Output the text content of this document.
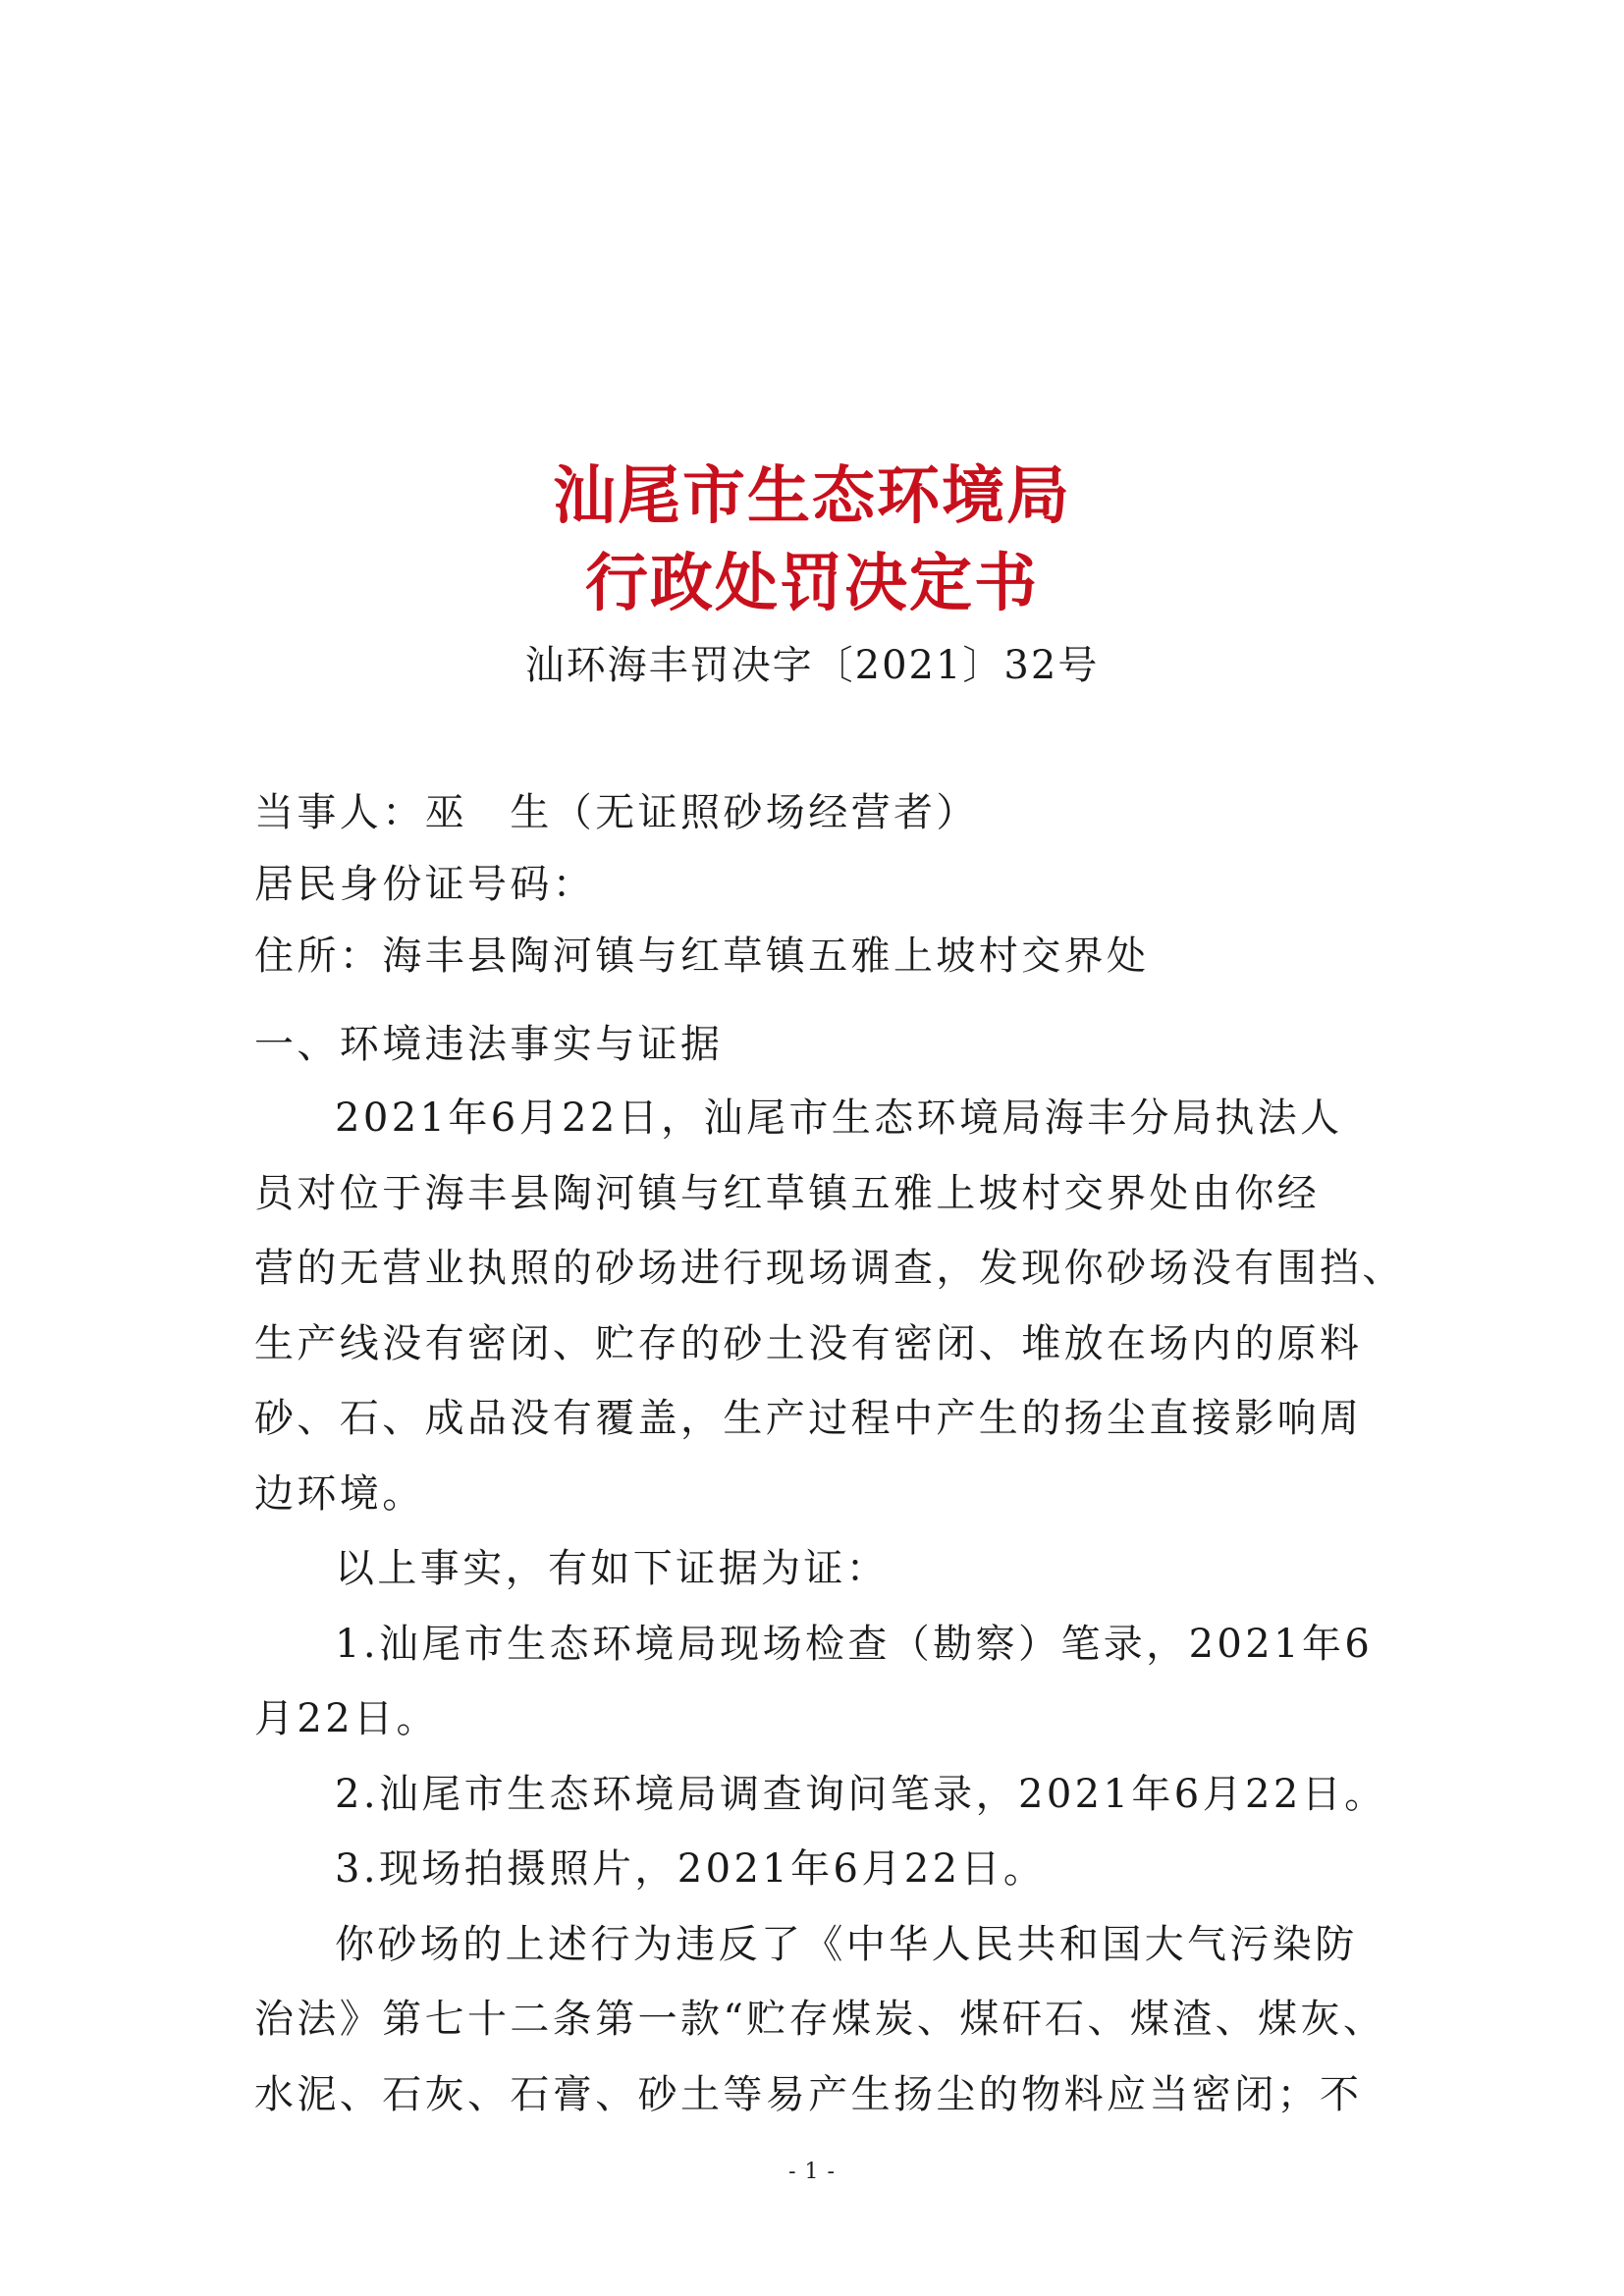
汕尾市生态环境局
行政处罚决定书
汕环海丰罚决字〔2021〕32号
当事人：巫　生（无证照砂场经营者）
居民身份证号码：
住所：海丰县陶河镇与红草镇五雅上坡村交界处
一、环境违法事实与证据
2021年6月22日，汕尾市生态环境局海丰分局执法人
员对位于海丰县陶河镇与红草镇五雅上坡村交界处由你经
营的无营业执照的砂场进行现场调查，发现你砂场没有围挡、
生产线没有密闭、贮存的砂土没有密闭、堆放在场内的原料
砂、石、成品没有覆盖，生产过程中产生的扬尘直接影响周
边环境。
以上事实，有如下证据为证：
1.汕尾市生态环境局现场检查（勘察）笔录，2021年6
月22日。
2.汕尾市生态环境局调查询问笔录，2021年6月22日。
3.现场拍摄照片，2021年6月22日。
你砂场的上述行为违反了《中华人民共和国大气污染防
治法》第七十二条第一款“贮存煤炭、煤矸石、煤渣、煤灰、
水泥、石灰、石膏、砂土等易产生扬尘的物料应当密闭；不
- 1 -
